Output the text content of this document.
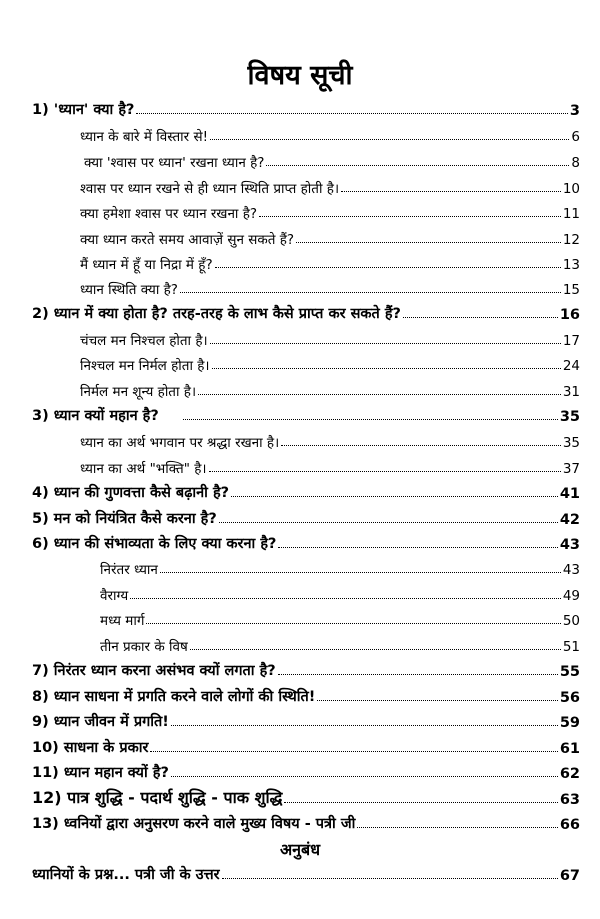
विषय सूची
1) 'ध्यान' क्या है?	3
ध्यान के बारे में विस्तार से!	6
क्या 'श्वास पर ध्यान' रखना ध्यान है?	8
श्वास पर ध्यान रखने से ही ध्यान स्थिति प्राप्त होती है।	10
क्या हमेशा श्वास पर ध्यान रखना है?	11
क्या ध्यान करते समय आवाज़ें सुन सकते हैं?	12
मैं ध्यान में हूँ या निद्रा में हूँ?	13
ध्यान स्थिति क्या है?	15
2) ध्यान में क्या होता है? तरह-तरह के लाभ कैसे प्राप्त कर सकते हैं?	16
चंचल मन निश्चल होता है।	17
निश्चल मन निर्मल होता है।	24
निर्मल मन शून्य होता है।	31
3) ध्यान क्यों महान है?	35
ध्यान का अर्थ भगवान पर श्रद्धा रखना है।	35
ध्यान का अर्थ "भक्ति" है।	37
4) ध्यान की गुणवत्ता कैसे बढ़ानी है?	41
5) मन को नियंत्रित कैसे करना है?	42
6) ध्यान की संभाव्यता के लिए क्या करना है?	43
निरंतर ध्यान	43
वैराग्य	49
मध्य मार्ग	50
तीन प्रकार के विष	51
7) निरंतर ध्यान करना असंभव क्यों लगता है?	55
8) ध्यान साधना में प्रगति करने वाले लोगों की स्थिति!	56
9) ध्यान जीवन में प्रगति!	59
10) साधना के प्रकार	61
11) ध्यान महान क्यों है?	62
12) पात्र शुद्धि - पदार्थ शुद्धि - पाक शुद्धि	63
13) ध्वनियों द्वारा अनुसरण करने वाले मुख्य विषय - पत्री जी	66
अनुबंध
ध्यानियों के प्रश्न... पत्री जी के उत्तर	67
